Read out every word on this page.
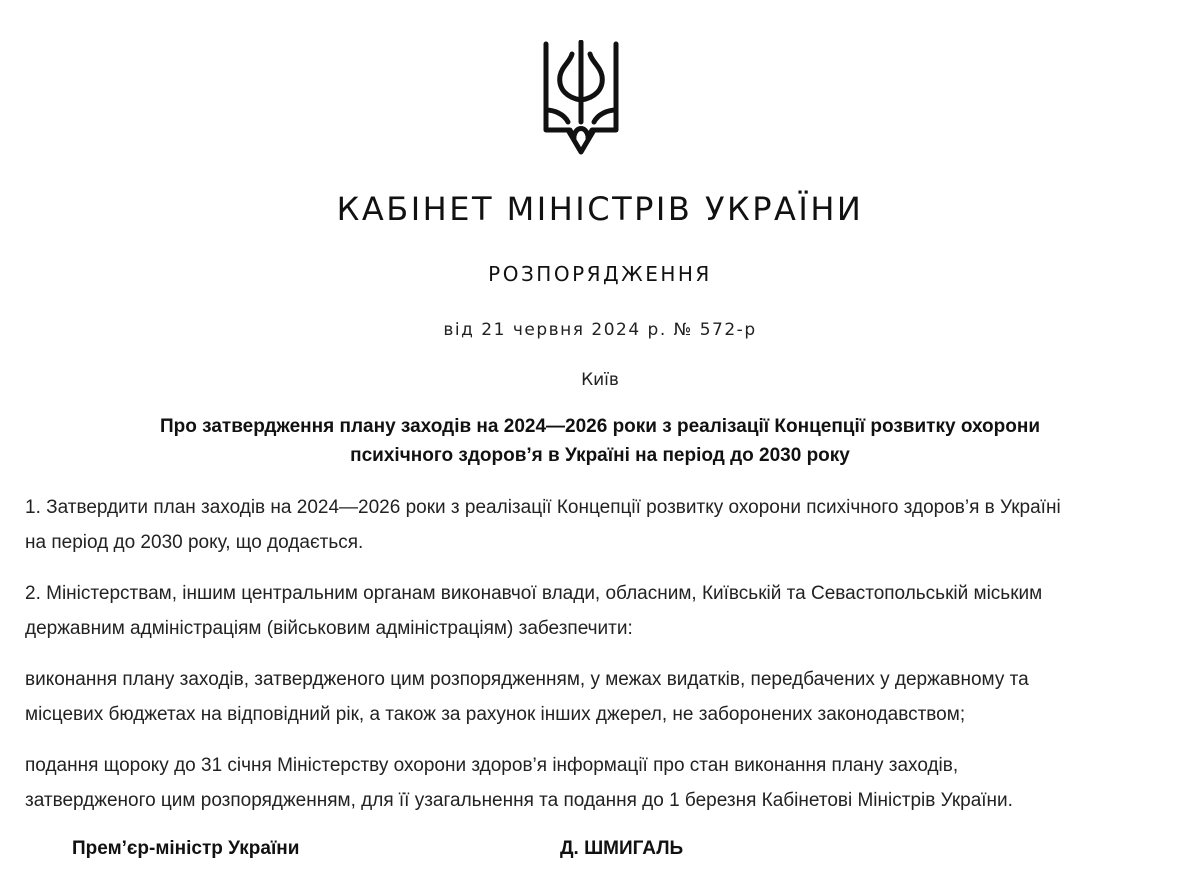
КАБІНЕТ МІНІСТРІВ УКРАЇНИ
РОЗПОРЯДЖЕННЯ
від 21 червня 2024 р. № 572-р
Київ
Про затвердження плану заходів на 2024—2026 роки з реалізації Концепції розвитку охорони
психічного здоров’я в Україні на період до 2030 року
1. Затвердити план заходів на 2024—2026 роки з реалізації Концепції розвитку охорони психічного здоров’я в Україні
на період до 2030 року, що додається.
2. Міністерствам, іншим центральним органам виконавчої влади, обласним, Київській та Севастопольській міським
державним адміністраціям (військовим адміністраціям) забезпечити:
виконання плану заходів, затвердженого цим розпорядженням, у межах видатків, передбачених у державному та
місцевих бюджетах на відповідний рік, а також за рахунок інших джерел, не заборонених законодавством;
подання щороку до 31 січня Міністерству охорони здоров’я інформації про стан виконання плану заходів,
затвердженого цим розпорядженням, для її узагальнення та подання до 1 березня Кабінетові Міністрів України.
Прем’єр-міністр України	Д. ШМИГАЛЬ
